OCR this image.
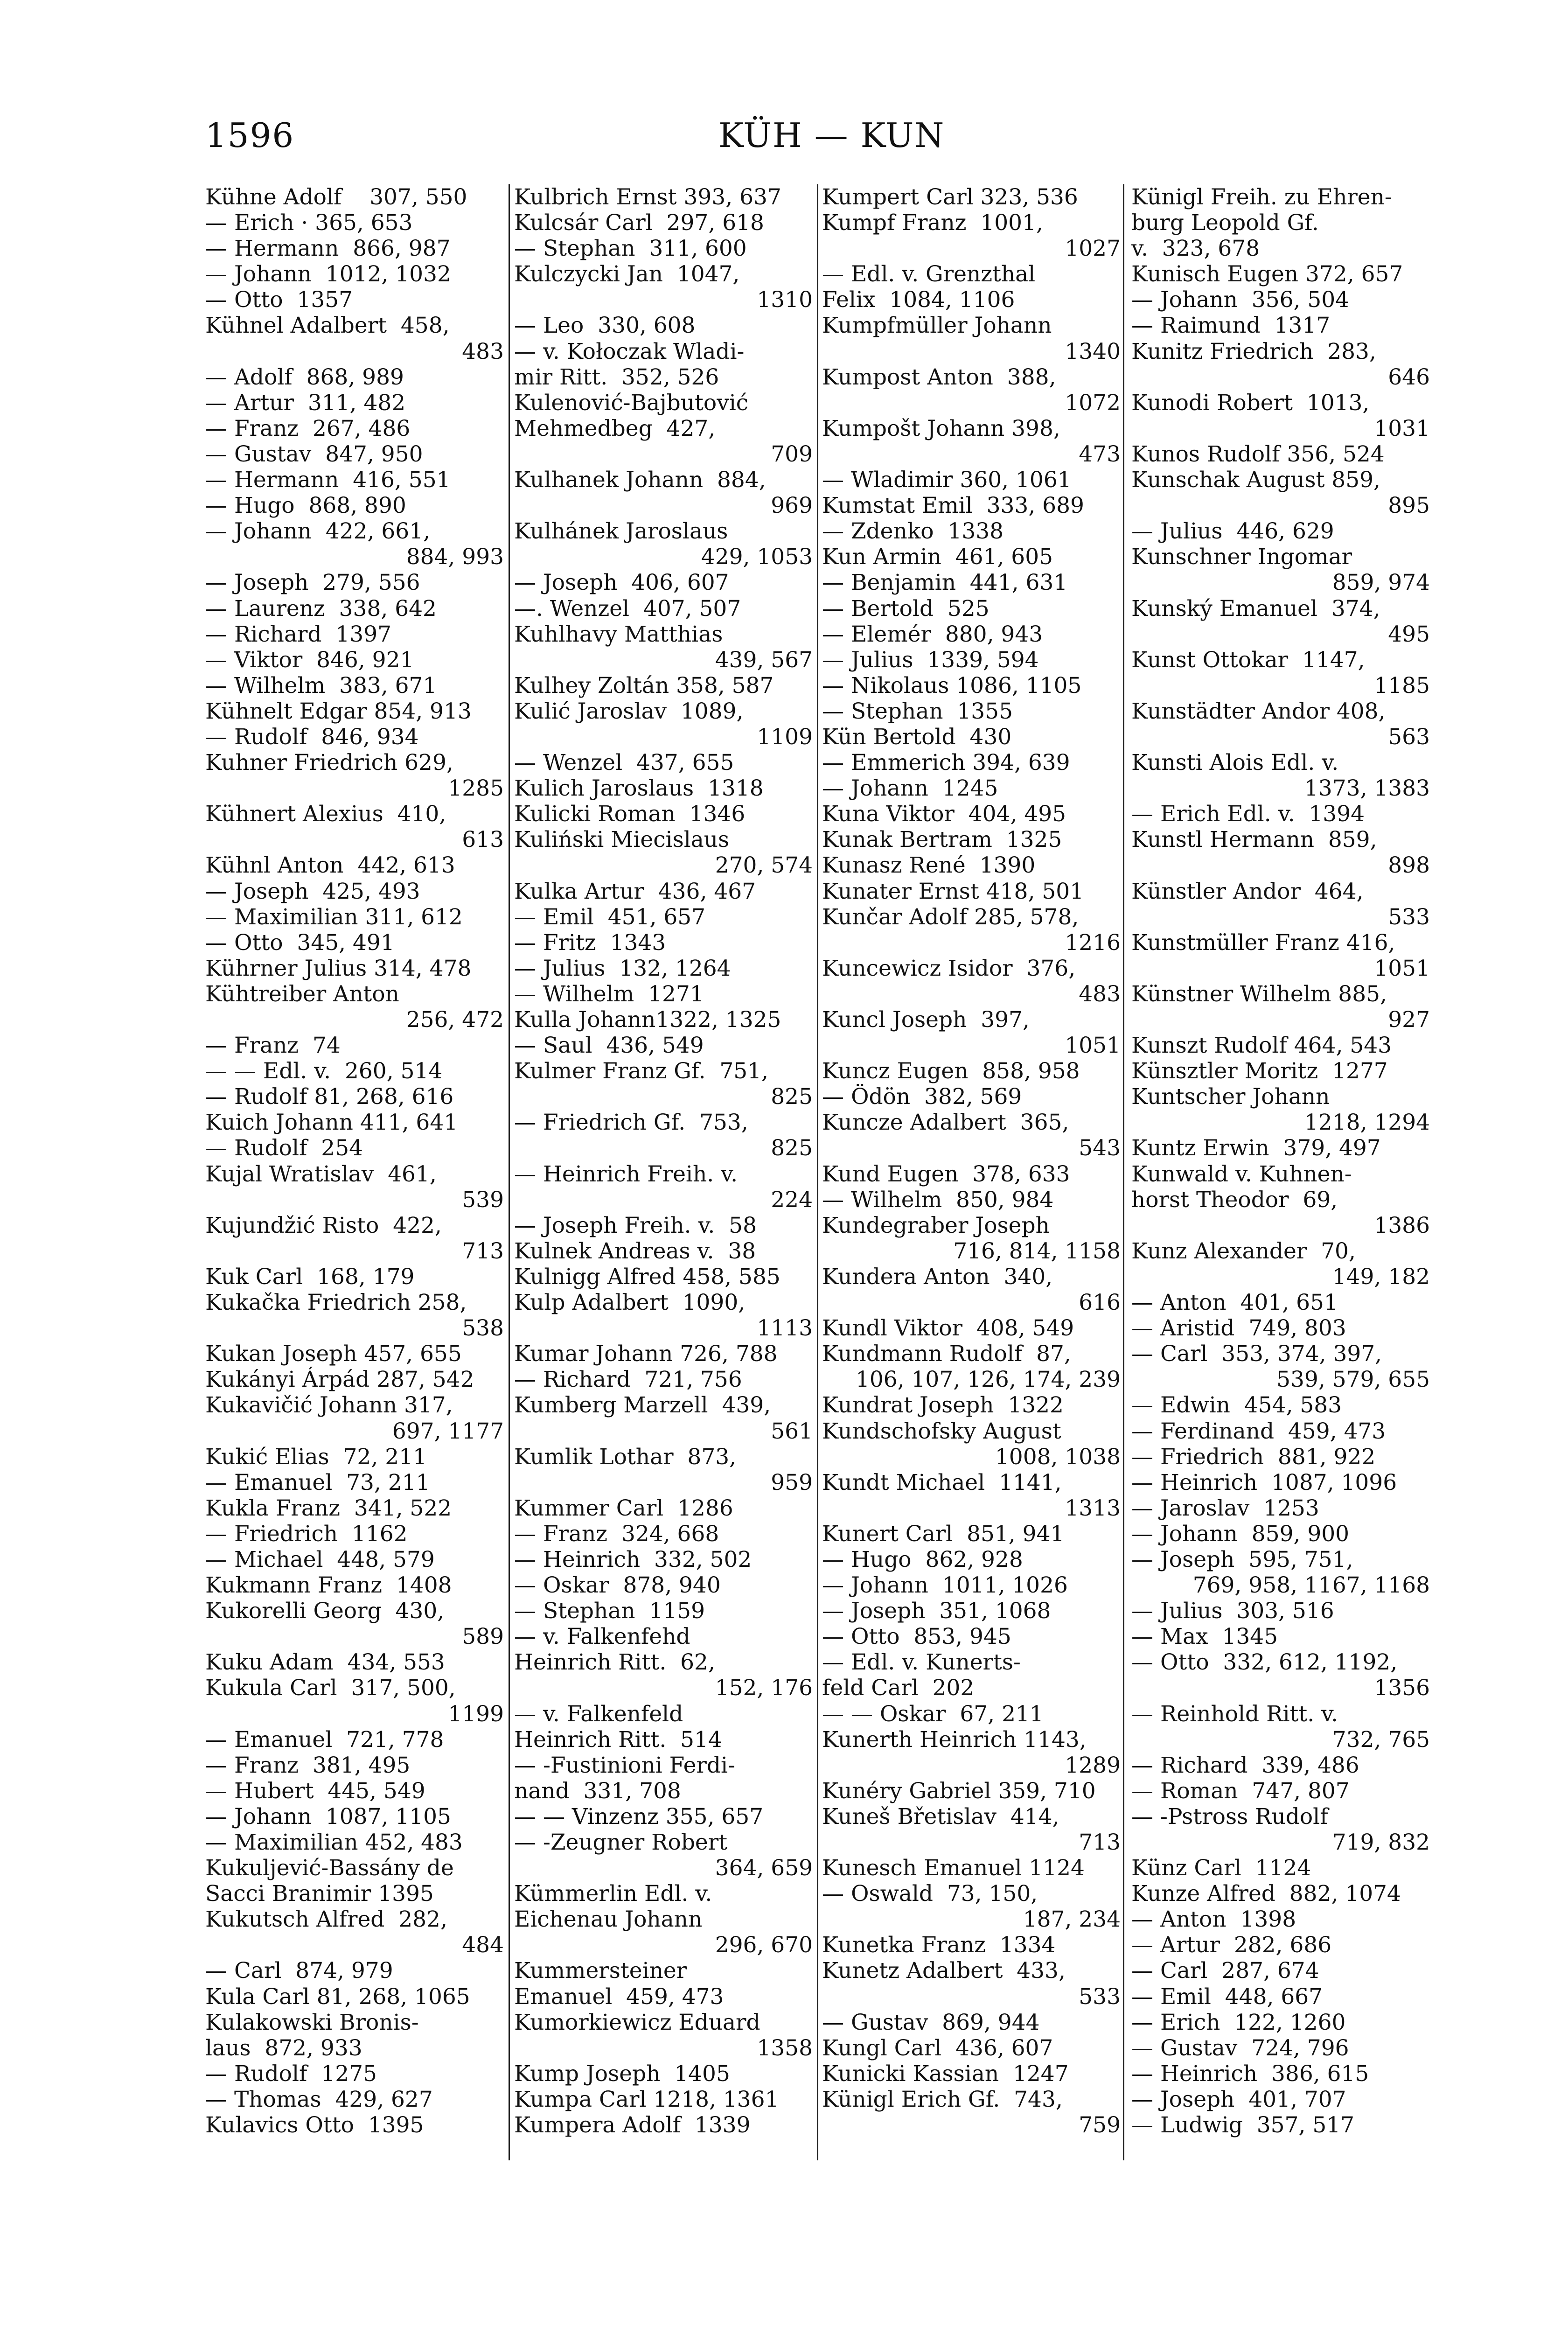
1596	KÜH — KUN
Kühne Adolf    307, 550
— Erich · 365, 653
— Hermann  866, 987
— Johann  1012, 1032
— Otto  1357
Kühnel Adalbert  458,
483
— Adolf  868, 989
— Artur  311, 482
— Franz  267, 486
— Gustav  847, 950
— Hermann  416, 551
— Hugo  868, 890
— Johann  422, 661,
884, 993
— Joseph  279, 556
— Laurenz  338, 642
— Richard  1397
— Viktor  846, 921
— Wilhelm  383, 671
Kühnelt Edgar 854, 913
— Rudolf  846, 934
Kuhner Friedrich 629,
1285
Kühnert Alexius  410,
613
Kühnl Anton  442, 613
— Joseph  425, 493
— Maximilian 311, 612
— Otto  345, 491
Kührner Julius 314, 478
Kühtreiber Anton
256, 472
— Franz  74
— — Edl. v.  260, 514
— Rudolf 81, 268, 616
Kuich Johann 411, 641
— Rudolf  254
Kujal Wratislav  461,
539
Kujundžić Risto  422,
713
Kuk Carl  168, 179
Kukačka Friedrich 258,
538
Kukan Joseph 457, 655
Kukányi Árpád 287, 542
Kukavičić Johann 317,
697, 1177
Kukić Elias  72, 211
— Emanuel  73, 211
Kukla Franz  341, 522
— Friedrich  1162
— Michael  448, 579
Kukmann Franz  1408
Kukorelli Georg  430,
589
Kuku Adam  434, 553
Kukula Carl  317, 500,
1199
— Emanuel  721, 778
— Franz  381, 495
— Hubert  445, 549
— Johann  1087, 1105
— Maximilian 452, 483
Kukuljević-Bassány de
Sacci Branimir 1395
Kukutsch Alfred  282,
484
— Carl  874, 979
Kula Carl 81, 268, 1065
Kulakowski Bronis-
laus  872, 933
— Rudolf  1275
— Thomas  429, 627
Kulavics Otto  1395
Kulbrich Ernst 393, 637
Kulcsár Carl  297, 618
— Stephan  311, 600
Kulczycki Jan  1047,
1310
— Leo  330, 608
— v. Kołoczak Wladi-
mir Ritt.  352, 526
Kulenović-Bajbutović
Mehmedbeg  427,
709
Kulhanek Johann  884,
969
Kulhánek Jaroslaus
429, 1053
— Joseph  406, 607
—. Wenzel  407, 507
Kuhlhavy Matthias
439, 567
Kulhey Zoltán 358, 587
Kulić Jaroslav  1089,
1109
— Wenzel  437, 655
Kulich Jaroslaus  1318
Kulicki Roman  1346
Kuliński Miecislaus
270, 574
Kulka Artur  436, 467
— Emil  451, 657
— Fritz  1343
— Julius  132, 1264
— Wilhelm  1271
Kulla Johann1322, 1325
— Saul  436, 549
Kulmer Franz Gf.  751,
825
— Friedrich Gf.  753,
825
— Heinrich Freih. v.
224
— Joseph Freih. v.  58
Kulnek Andreas v.  38
Kulnigg Alfred 458, 585
Kulp Adalbert  1090,
1113
Kumar Johann 726, 788
— Richard  721, 756
Kumberg Marzell  439,
561
Kumlik Lothar  873,
959
Kummer Carl  1286
— Franz  324, 668
— Heinrich  332, 502
— Oskar  878, 940
— Stephan  1159
— v. Falkenfehd
Heinrich Ritt.  62,
152, 176
— v. Falkenfeld
Heinrich Ritt.  514
— -Fustinioni Ferdi-
nand  331, 708
— — Vinzenz 355, 657
— -Zeugner Robert
364, 659
Kümmerlin Edl. v.
Eichenau Johann
296, 670
Kummersteiner
Emanuel  459, 473
Kumorkiewicz Eduard
1358
Kump Joseph  1405
Kumpa Carl 1218, 1361
Kumpera Adolf  1339
Kumpert Carl 323, 536
Kumpf Franz  1001,
1027
— Edl. v. Grenzthal
Felix  1084, 1106
Kumpfmüller Johann
1340
Kumpost Anton  388,
1072
Kumpošt Johann 398,
473
— Wladimir 360, 1061
Kumstat Emil  333, 689
— Zdenko  1338
Kun Armin  461, 605
— Benjamin  441, 631
— Bertold  525
— Elemér  880, 943
— Julius  1339, 594
— Nikolaus 1086, 1105
— Stephan  1355
Kün Bertold  430
— Emmerich 394, 639
— Johann  1245
Kuna Viktor  404, 495
Kunak Bertram  1325
Kunasz René  1390
Kunater Ernst 418, 501
Kunčar Adolf 285, 578,
1216
Kuncewicz Isidor  376,
483
Kuncl Joseph  397,
1051
Kuncz Eugen  858, 958
— Ödön  382, 569
Kuncze Adalbert  365,
543
Kund Eugen  378, 633
— Wilhelm  850, 984
Kundegraber Joseph
716, 814, 1158
Kundera Anton  340,
616
Kundl Viktor  408, 549
Kundmann Rudolf  87,
106, 107, 126, 174, 239
Kundrat Joseph  1322
Kundschofsky August
1008, 1038
Kundt Michael  1141,
1313
Kunert Carl  851, 941
— Hugo  862, 928
— Johann  1011, 1026
— Joseph  351, 1068
— Otto  853, 945
— Edl. v. Kunerts-
feld Carl  202
— — Oskar  67, 211
Kunerth Heinrich 1143,
1289
Kunéry Gabriel 359, 710
Kuneš Břetislav  414,
713
Kunesch Emanuel 1124
— Oswald  73, 150,
187, 234
Kunetka Franz  1334
Kunetz Adalbert  433,
533
— Gustav  869, 944
Kungl Carl  436, 607
Kunicki Kassian  1247
Künigl Erich Gf.  743,
759
Künigl Freih. zu Ehren-
burg Leopold Gf.
v.  323, 678
Kunisch Eugen 372, 657
— Johann  356, 504
— Raimund  1317
Kunitz Friedrich  283,
646
Kunodi Robert  1013,
1031
Kunos Rudolf 356, 524
Kunschak August 859,
895
— Julius  446, 629
Kunschner Ingomar
859, 974
Kunský Emanuel  374,
495
Kunst Ottokar  1147,
1185
Kunstädter Andor 408,
563
Kunsti Alois Edl. v.
1373, 1383
— Erich Edl. v.  1394
Kunstl Hermann  859,
898
Künstler Andor  464,
533
Kunstmüller Franz 416,
1051
Künstner Wilhelm 885,
927
Kunszt Rudolf 464, 543
Künsztler Moritz  1277
Kuntscher Johann
1218, 1294
Kuntz Erwin  379, 497
Kunwald v. Kuhnen-
horst Theodor  69,
1386
Kunz Alexander  70,
149, 182
— Anton  401, 651
— Aristid  749, 803
— Carl  353, 374, 397,
539, 579, 655
— Edwin  454, 583
— Ferdinand  459, 473
— Friedrich  881, 922
— Heinrich  1087, 1096
— Jaroslav  1253
— Johann  859, 900
— Joseph  595, 751,
769, 958, 1167, 1168
— Julius  303, 516
— Max  1345
— Otto  332, 612, 1192,
1356
— Reinhold Ritt. v.
732, 765
— Richard  339, 486
— Roman  747, 807
— -Pstross Rudolf
719, 832
Künz Carl  1124
Kunze Alfred  882, 1074
— Anton  1398
— Artur  282, 686
— Carl  287, 674
— Emil  448, 667
— Erich  122, 1260
— Gustav  724, 796
— Heinrich  386, 615
— Joseph  401, 707
— Ludwig  357, 517
